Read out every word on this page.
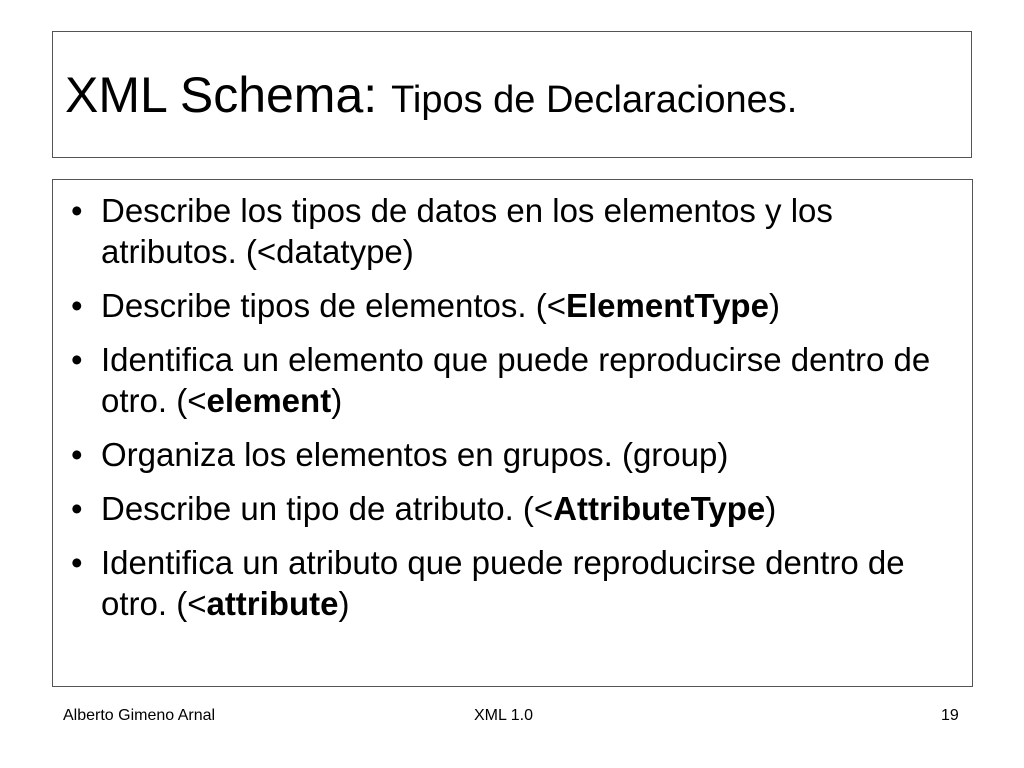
XML Schema: Tipos de Declaraciones.
• Describe los tipos de datos en los elementos y los atributos. (<datatype)
• Describe tipos de elementos. (<ElementType)
• Identifica un elemento que puede reproducirse dentro de otro. (<element)
• Organiza los elementos en grupos. (group)
• Describe un tipo de atributo. (<AttributeType)
• Identifica un atributo que puede reproducirse dentro de otro. (<attribute)
Alberto Gimeno Arnal	XML 1.0	19
